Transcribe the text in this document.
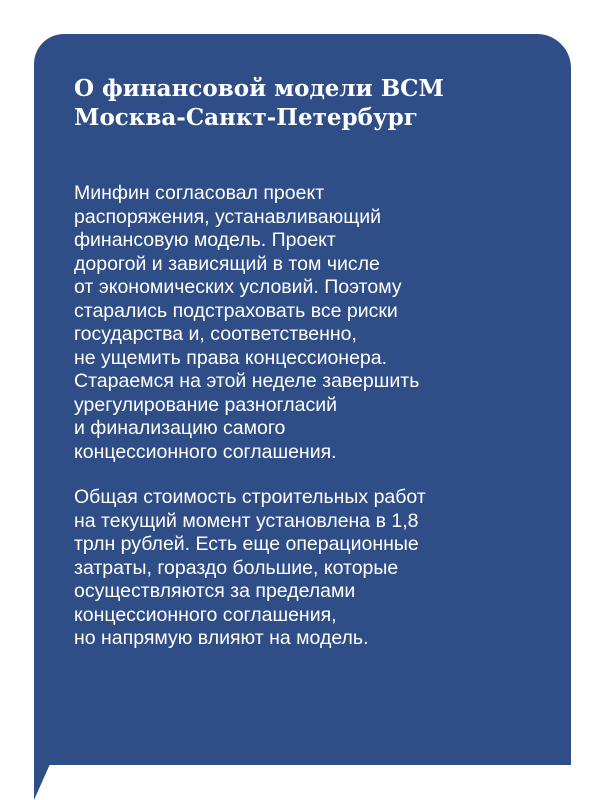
О финансовой модели ВСМ
Москва-Санкт-Петербург

Минфин согласовал проект
распоряжения, устанавливающий
финансовую модель. Проект
дорогой и зависящий в том числе
от экономических условий. Поэтому
старались подстраховать все риски
государства и, соответственно,
не ущемить права концессионера.
Стараемся на этой неделе завершить
урегулирование разногласий
и финализацию самого
концессионного соглашения.

Общая стоимость строительных работ
на текущий момент установлена в 1,8
трлн рублей. Есть еще операционные
затраты, гораздо большие, которые
осуществляются за пределами
концессионного соглашения,
но напрямую влияют на модель.
